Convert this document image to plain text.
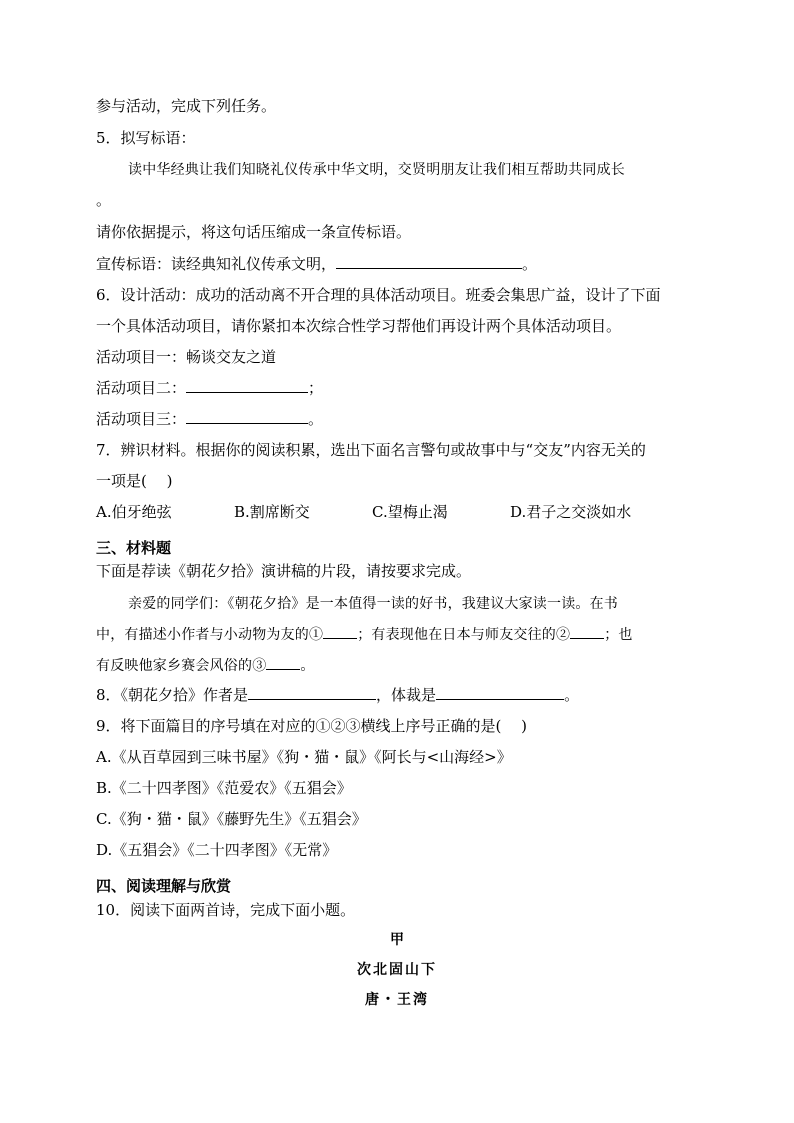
参与活动，完成下列任务。
5．拟写标语：
读中华经典让我们知晓礼仪传承中华文明，交贤明朋友让我们相互帮助共同成长
。
请你依据提示，将这句话压缩成一条宣传标语。
宣传标语：读经典知礼仪传承文明，	。
6．设计活动：成功的活动离不开合理的具体活动项目。班委会集思广益，设计了下面
一个具体活动项目，请你紧扣本次综合性学习帮他们再设计两个具体活动项目。
活动项目一：畅谈交友之道
活动项目二：	；
活动项目三：	。
7．辨识材料。根据你的阅读积累，选出下面名言警句或故事中与“交友”内容无关的
一项是(　 )
A.伯牙绝弦	B.割席断交	C.望梅止渴	D.君子之交淡如水
三、材料题
下面是荐读《朝花夕拾》演讲稿的片段，请按要求完成。
亲爱的同学们：《朝花夕拾》是一本值得一读的好书，我建议大家读一读。在书
中，有描述小作者与小动物为友的① ；有表现他在日本与师友交往的② ；也
有反映他家乡赛会风俗的③ 。
8．《朝花夕拾》作者是	，体裁是	。
9．将下面篇目的序号填在对应的①②③横线上序号正确的是(　 )
A.《从百草园到三味书屋》《狗・猫・鼠》《阿长与<山海经>》
B.《二十四孝图》《范爱农》《五猖会》
C.《狗・猫・鼠》《藤野先生》《五猖会》
D.《五猖会》《二十四孝图》《无常》
四、阅读理解与欣赏
10．阅读下面两首诗，完成下面小题。
甲
次北固山下
唐・王湾
